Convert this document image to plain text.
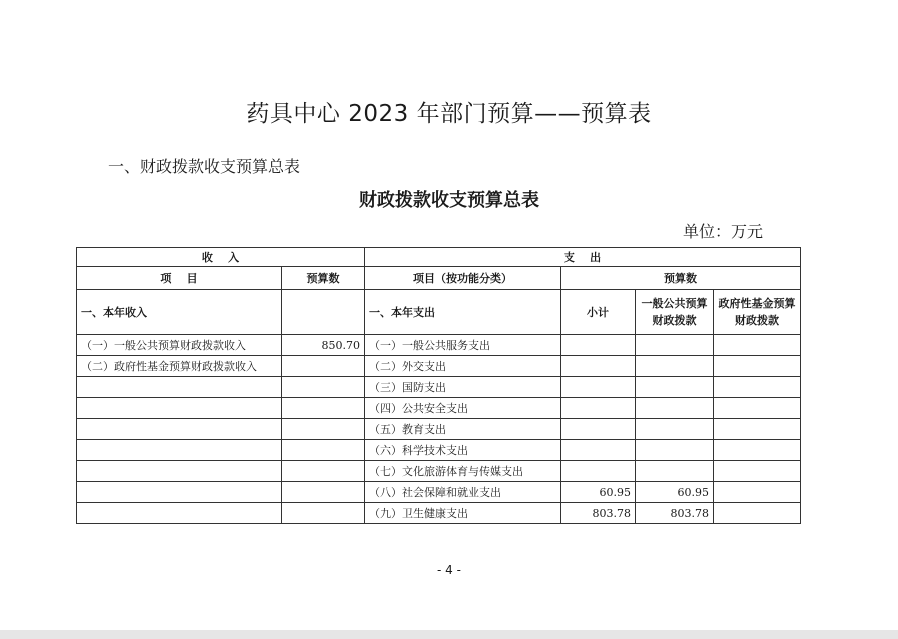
药具中心 2023 年部门预算——预算表
一、财政拨款收支预算总表
财政拨款收支预算总表
单位：万元
收    入		支    出			
项    目	预算数	项目（按功能分类）	预算数		
一、本年收入		一、本年支出	小计	一般公共预算财政拨款	政府性基金预算财政拨款
（一）一般公共预算财政拨款收入	850.70	（一）一般公共服务支出			
（二）政府性基金预算财政拨款收入		（二）外交支出			
		（三）国防支出			
		（四）公共安全支出			
		（五）教育支出			
		（六）科学技术支出			
		（七）文化旅游体育与传媒支出			
		（八）社会保障和就业支出	60.95	60.95	
		（九）卫生健康支出	803.78	803.78	
- 4 -
